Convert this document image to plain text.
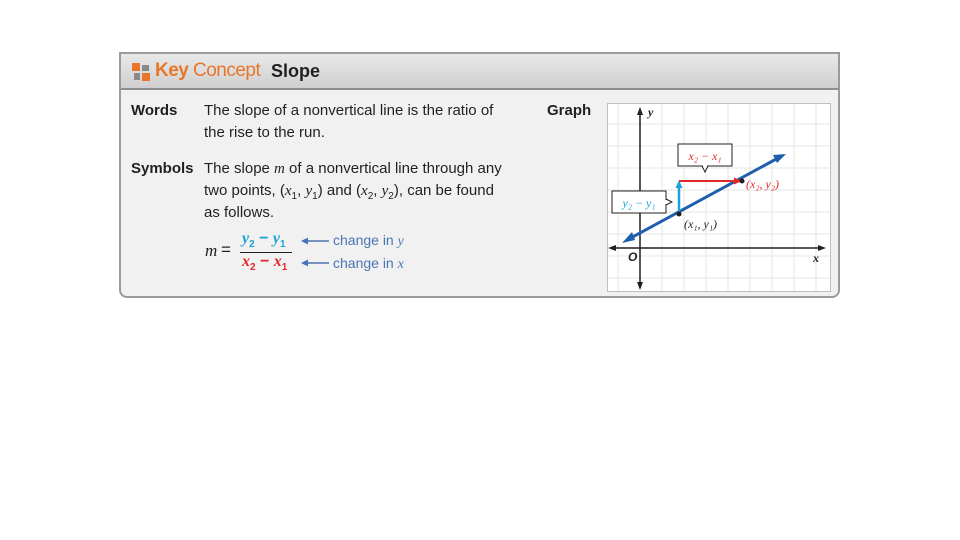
Key Concept Slope
Words The slope of a nonvertical line is the ratio of
the rise to the run.
Symbols The slope m of a nonvertical line through any
two points, ($x_1$, $y_1$) and ($x_2$, $y_2$), can be found
as follows.
m =
$y_2 - y_1$
$x_2 - x_1$
change in y
change in x
Graph
x₂ − x₁
y₂ − y₁
(x₁, y₁)
(x₂, y₂)
y
x
O
